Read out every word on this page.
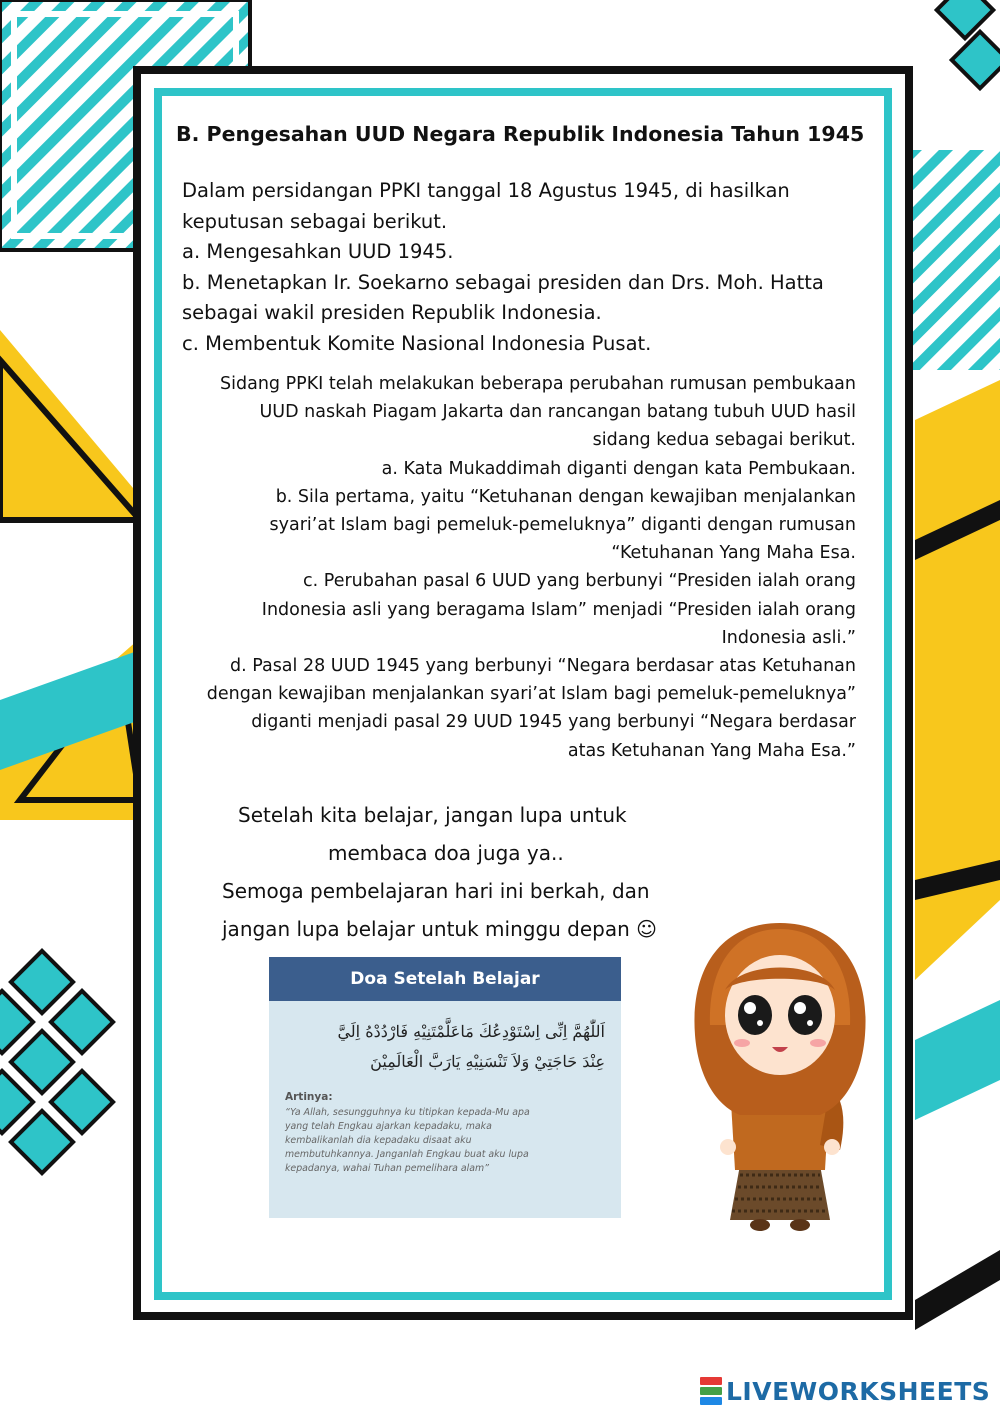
B. Pengesahan UUD Negara Republik Indonesia Tahun 1945
Dalam persidangan PPKI tanggal 18 Agustus 1945, di hasilkan
keputusan sebagai berikut.
a. Mengesahkan UUD 1945.
b. Menetapkan Ir. Soekarno sebagai presiden dan Drs. Moh. Hatta
sebagai wakil presiden Republik Indonesia.
c. Membentuk Komite Nasional Indonesia Pusat.
Sidang PPKI telah melakukan beberapa perubahan rumusan pembukaan
UUD naskah Piagam Jakarta dan rancangan batang tubuh UUD hasil
sidang kedua sebagai berikut.
a. Kata Mukaddimah diganti dengan kata Pembukaan.
b. Sila pertama, yaitu “Ketuhanan dengan kewajiban menjalankan
syari’at Islam bagi pemeluk-pemeluknya” diganti dengan rumusan
“Ketuhanan Yang Maha Esa.
c. Perubahan pasal 6 UUD yang berbunyi “Presiden ialah orang
Indonesia asli yang beragama Islam” menjadi “Presiden ialah orang
Indonesia asli.”
d. Pasal 28 UUD 1945 yang berbunyi “Negara berdasar atas Ketuhanan
dengan kewajiban menjalankan syari’at Islam bagi pemeluk-pemeluknya”
diganti menjadi pasal 29 UUD 1945 yang berbunyi “Negara berdasar
atas Ketuhanan Yang Maha Esa.”
Setelah kita belajar, jangan lupa untuk
membaca doa juga ya..
Semoga pembelajaran hari ini berkah, dan
jangan lupa belajar untuk minggu depan ☺
Doa Setelah Belajar
اَللّٰهُمَّ اِنِّى اِسْتَوْدِعُكَ مَاعَلَّمْتَنِيْهِ فَارْدُدْهُ اِلَيَّ
عِنْدَ حَاجَتِيْ وَلاَ تَنْسَنِيْهِ يَارَبَّ الْعَالَمِيْنَ
Artinya:
“Ya Allah, sesungguhnya ku titipkan kepada-Mu apa
yang telah Engkau ajarkan kepadaku, maka
kembalikanlah dia kepadaku disaat aku
membutuhkannya. Janganlah Engkau buat aku lupa
kepadanya, wahai Tuhan pemelihara alam”
LIVEWORKSHEETS
